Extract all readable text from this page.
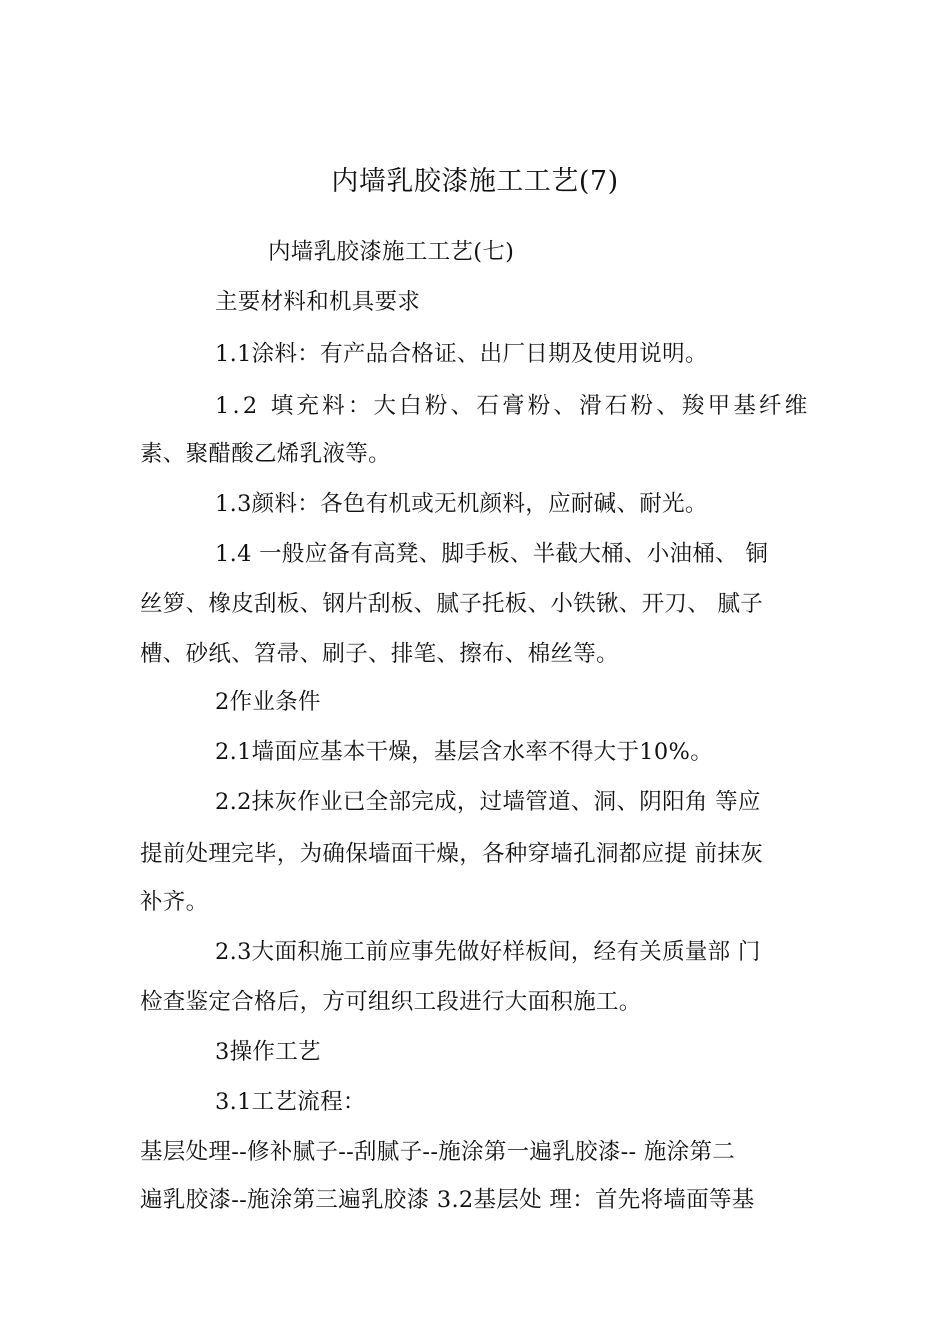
内墙乳胶漆施工工艺(7)
内墙乳胶漆施工工艺(七)
主要材料和机具要求
1.1涂料：有产品合格证、出厂日期及使用说明。
1.2 填充料：大白粉、石膏粉、滑石粉、羧甲基纤维
素、聚醋酸乙烯乳液等。
1.3颜料：各色有机或无机颜料，应耐碱、耐光。
1.4 一般应备有高凳、脚手板、半截大桶、小油桶、 铜
丝箩、橡皮刮板、钢片刮板、腻子托板、小铁锹、开刀、 腻子
槽、砂纸、笤帚、刷子、排笔、擦布、棉丝等。
2作业条件
2.1墙面应基本干燥，基层含水率不得大于10%。
2.2抹灰作业已全部完成，过墙管道、洞、阴阳角 等应
提前处理完毕，为确保墙面干燥，各种穿墙孔洞都应提 前抹灰
补齐。
2.3大面积施工前应事先做好样板间，经有关质量部 门
检查鉴定合格后，方可组织工段进行大面积施工。
3操作工艺
3.1工艺流程：
基层处理--修补腻子--刮腻子--施涂第一遍乳胶漆-- 施涂第二
遍乳胶漆--施涂第三遍乳胶漆 3.2基层处 理：首先将墙面等基
